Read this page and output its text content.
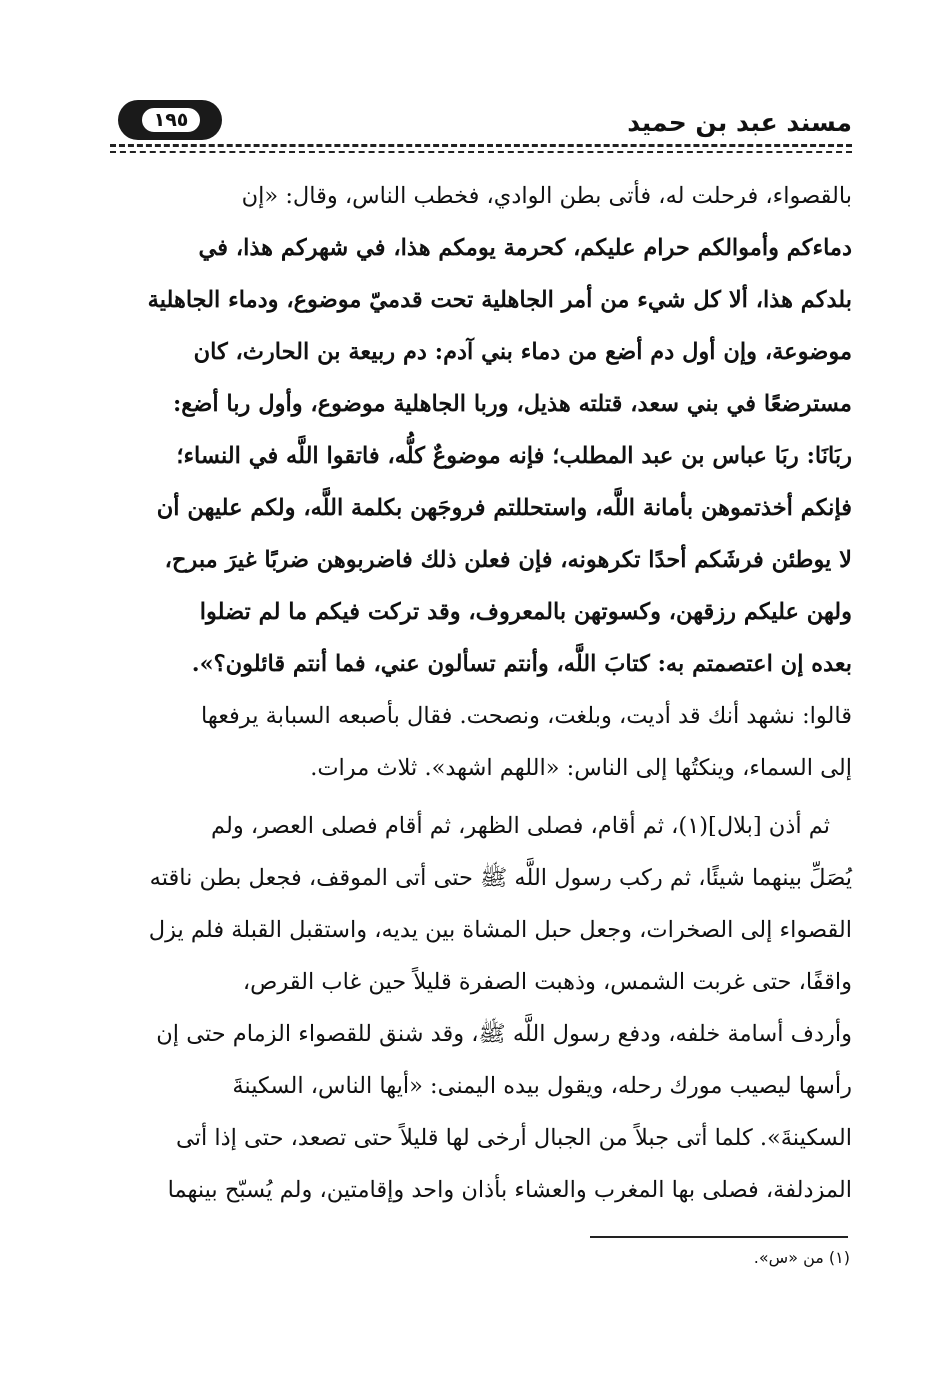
١٩٥	مسند عبد بن حميد
بالقصواء، فرحلت له، فأتى بطن الوادي، فخطب الناس، وقال: «إن
دماءكم وأموالكم حرام عليكم، كحرمة يومكم هذا، في شهركم هذا، في
بلدكم هذا، ألا كل شيء من أمر الجاهلية تحت قدميّ موضوع، ودماء الجاهلية
موضوعة، وإن أول دم أضع من دماء بني آدم: دم ربيعة بن الحارث، كان
مسترضعًا في بني سعد، قتلته هذيل، وربا الجاهلية موضوع، وأول ربا أضع:
ربَانَا: ربَا عباس بن عبد المطلب؛ فإنه موضوعٌ كلُّه، فاتقوا اللَّه في النساء؛
فإنكم أخذتموهن بأمانة اللَّه، واستحللتم فروجَهن بكلمة اللَّه، ولكم عليهن أن
لا يوطئن فرشَكم أحدًا تكرهونه، فإن فعلن ذلك فاضربوهن ضربًا غيرَ مبرح،
ولهن عليكم رزقهن، وكسوتهن بالمعروف، وقد تركت فيكم ما لم تضلوا
بعده إن اعتصمتم به: كتابَ اللَّه، وأنتم تسألون عني، فما أنتم قائلون؟».
قالوا: نشهد أنك قد أديت، وبلغت، ونصحت. فقال بأصبعه السبابة يرفعها
إلى السماء، وينكتُها إلى الناس: «اللهم اشهد». ثلاث مرات.
ثم أذن [بلال](١)، ثم أقام، فصلى الظهر، ثم أقام فصلى العصر، ولم
يُصَلِّ بينهما شيئًا، ثم ركب رسول اللَّه ﷺ حتى أتى الموقف، فجعل بطن ناقته
القصواء إلى الصخرات، وجعل حبل المشاة بين يديه، واستقبل القبلة فلم يزل
واقفًا، حتى غربت الشمس، وذهبت الصفرة قليلاً حين غاب القرص،
وأردف أسامة خلفه، ودفع رسول اللَّه ﷺ، وقد شنق للقصواء الزمام حتى إن
رأسها ليصيب مورك رحله، ويقول بيده اليمنى: «أيها الناس، السكينةَ
السكينةَ». كلما أتى جبلاً من الجبال أرخى لها قليلاً حتى تصعد، حتى إذا أتى
المزدلفة، فصلى بها المغرب والعشاء بأذان واحد وإقامتين، ولم يُسبّح بينهما
(١) من «س».
